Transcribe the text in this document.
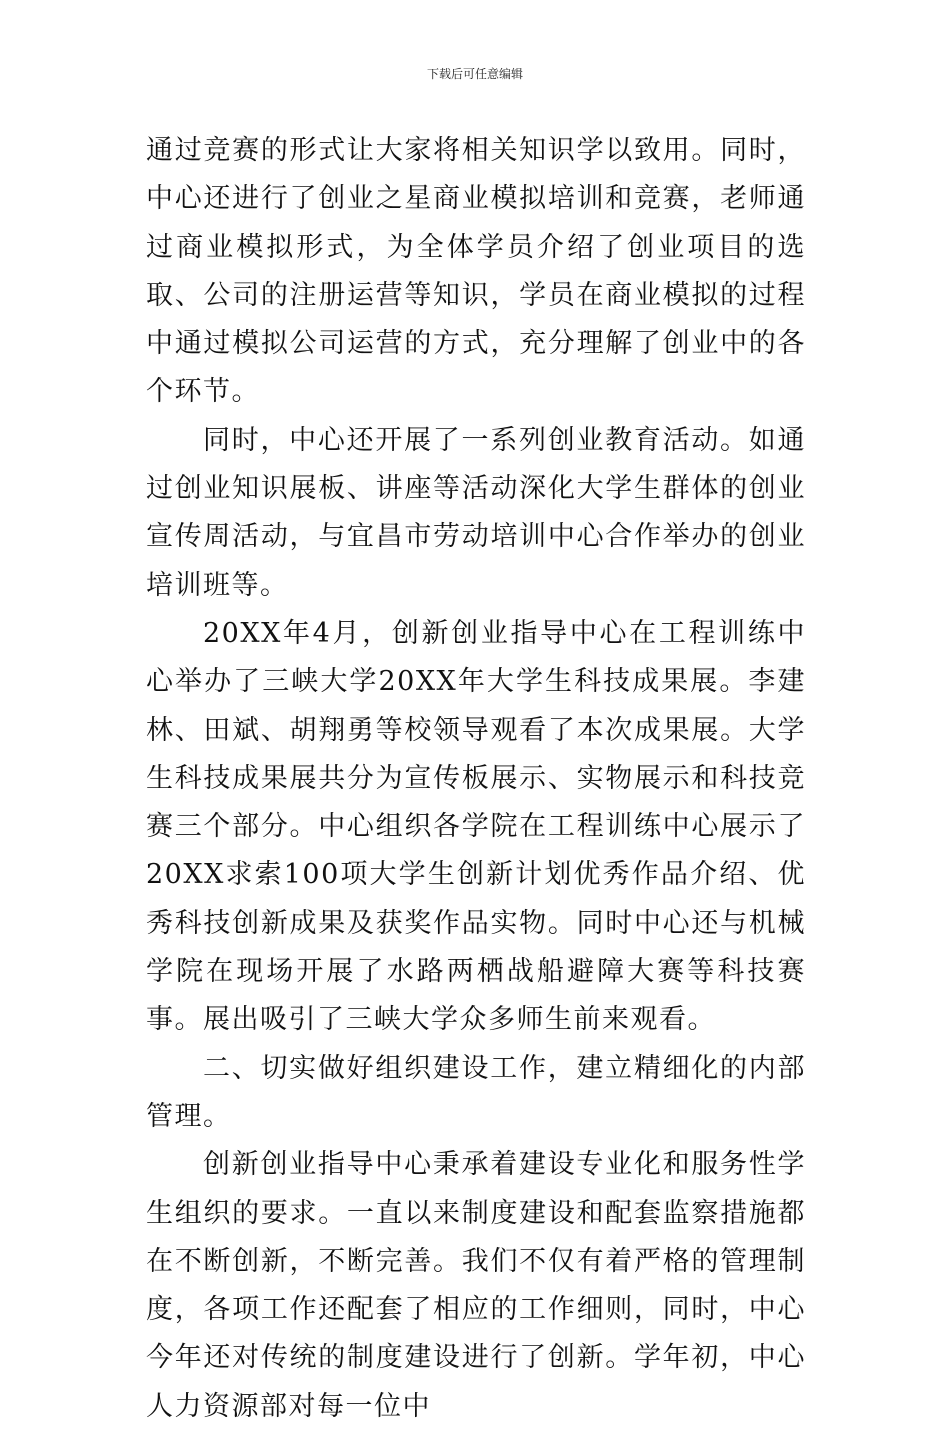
下载后可任意编辑

通过竞赛的形式让大家将相关知识学以致用。同时，中心还进行了创业之星商业模拟培训和竞赛，老师通过商业模拟形式，为全体学员介绍了创业项目的选取、公司的注册运营等知识，学员在商业模拟的过程中通过模拟公司运营的方式，充分理解了创业中的各个环节。

同时，中心还开展了一系列创业教育活动。如通过创业知识展板、讲座等活动深化大学生群体的创业宣传周活动，与宜昌市劳动培训中心合作举办的创业培训班等。

20XX年4月，创新创业指导中心在工程训练中心举办了三峡大学20XX年大学生科技成果展。李建林、田斌、胡翔勇等校领导观看了本次成果展。大学生科技成果展共分为宣传板展示、实物展示和科技竞赛三个部分。中心组织各学院在工程训练中心展示了20XX求索100项大学生创新计划优秀作品介绍、优秀科技创新成果及获奖作品实物。同时中心还与机械学院在现场开展了水路两栖战船避障大赛等科技赛事。展出吸引了三峡大学众多师生前来观看。

二、切实做好组织建设工作，建立精细化的内部管理。

创新创业指导中心秉承着建设专业化和服务性学生组织的要求。一直以来制度建设和配套监察措施都在不断创新，不断完善。我们不仅有着严格的管理制度，各项工作还配套了相应的工作细则，同时，中心今年还对传统的制度建设进行了创新。学年初，中心人力资源部对每一位中
